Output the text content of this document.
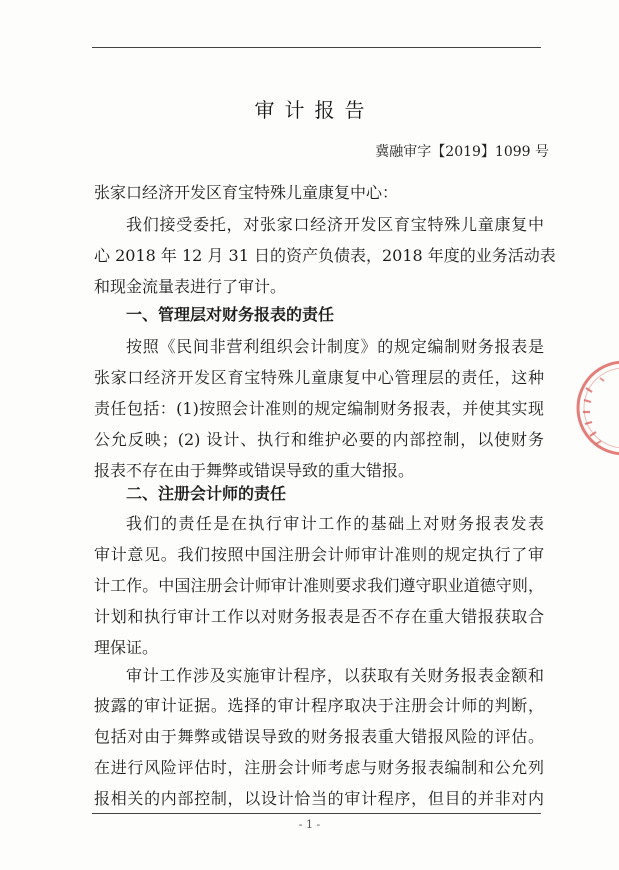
审计报告
冀融审字【2019】1099 号
张家口经济开发区育宝特殊儿童康复中心：
我们接受委托，对张家口经济开发区育宝特殊儿童康复中
心 2018 年 12 月 31 日的资产负债表，2018 年度的业务活动表
和现金流量表进行了审计。
一、管理层对财务报表的责任
按照《民间非营利组织会计制度》的规定编制财务报表是
张家口经济开发区育宝特殊儿童康复中心管理层的责任，这种
责任包括：(1)按照会计准则的规定编制财务报表，并使其实现
公允反映；(2) 设计、执行和维护必要的内部控制，以使财务
报表不存在由于舞弊或错误导致的重大错报。
二、注册会计师的责任
我们的责任是在执行审计工作的基础上对财务报表发表
审计意见。我们按照中国注册会计师审计准则的规定执行了审
计工作。中国注册会计师审计准则要求我们遵守职业道德守则，
计划和执行审计工作以对财务报表是否不存在重大错报获取合
理保证。
审计工作涉及实施审计程序，以获取有关财务报表金额和
披露的审计证据。选择的审计程序取决于注册会计师的判断，
包括对由于舞弊或错误导致的财务报表重大错报风险的评估。
在进行风险评估时，注册会计师考虑与财务报表编制和公允列
报相关的内部控制，以设计恰当的审计程序，但目的并非对内
- 1 -
